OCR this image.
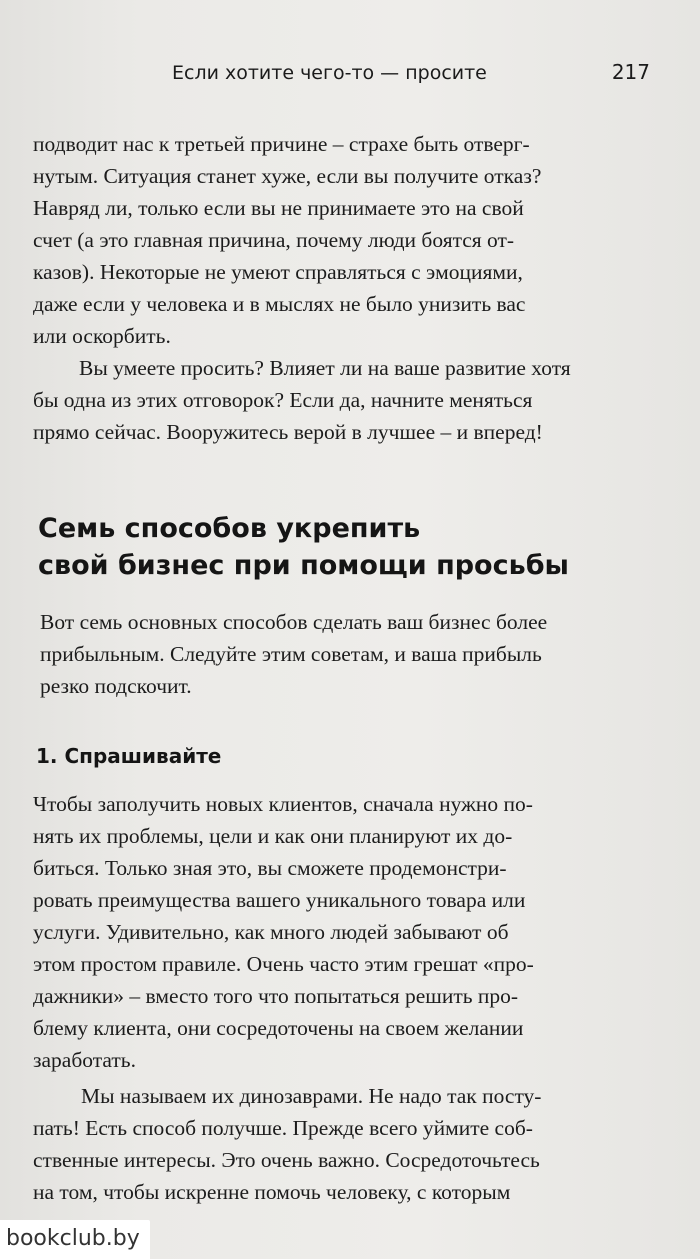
Если хотите чего-то — просите	217

подводит нас к третьей причине – страхе быть отверг-
нутым. Ситуация станет хуже, если вы получите отказ?
Навряд ли, только если вы не принимаете это на свой
счет (а это главная причина, почему люди боятся от-
казов). Некоторые не умеют справляться с эмоциями,
даже если у человека и в мыслях не было унизить вас
или оскорбить.

Вы умеете просить? Влияет ли на ваше развитие хотя
бы одна из этих отговорок? Если да, начните меняться
прямо сейчас. Вооружитесь верой в лучшее – и вперед!

Семь способов укрепить
свой бизнес при помощи просьбы

Вот семь основных способов сделать ваш бизнес более
прибыльным. Следуйте этим советам, и ваша прибыль
резко подскочит.

1. Спрашивайте

Чтобы заполучить новых клиентов, сначала нужно по-
нять их проблемы, цели и как они планируют их до-
биться. Только зная это, вы сможете продемонстри-
ровать преимущества вашего уникального товара или
услуги. Удивительно, как много людей забывают об
этом простом правиле. Очень часто этим грешат «про-
дажники» – вместо того что попытаться решить про-
блему клиента, они сосредоточены на своем желании
заработать.

Мы называем их динозаврами. Не надо так посту-
пать! Есть способ получше. Прежде всего уймите соб-
ственные интересы. Это очень важно. Сосредоточьтесь
на том, чтобы искренне помочь человеку, с которым

bookclub.by
